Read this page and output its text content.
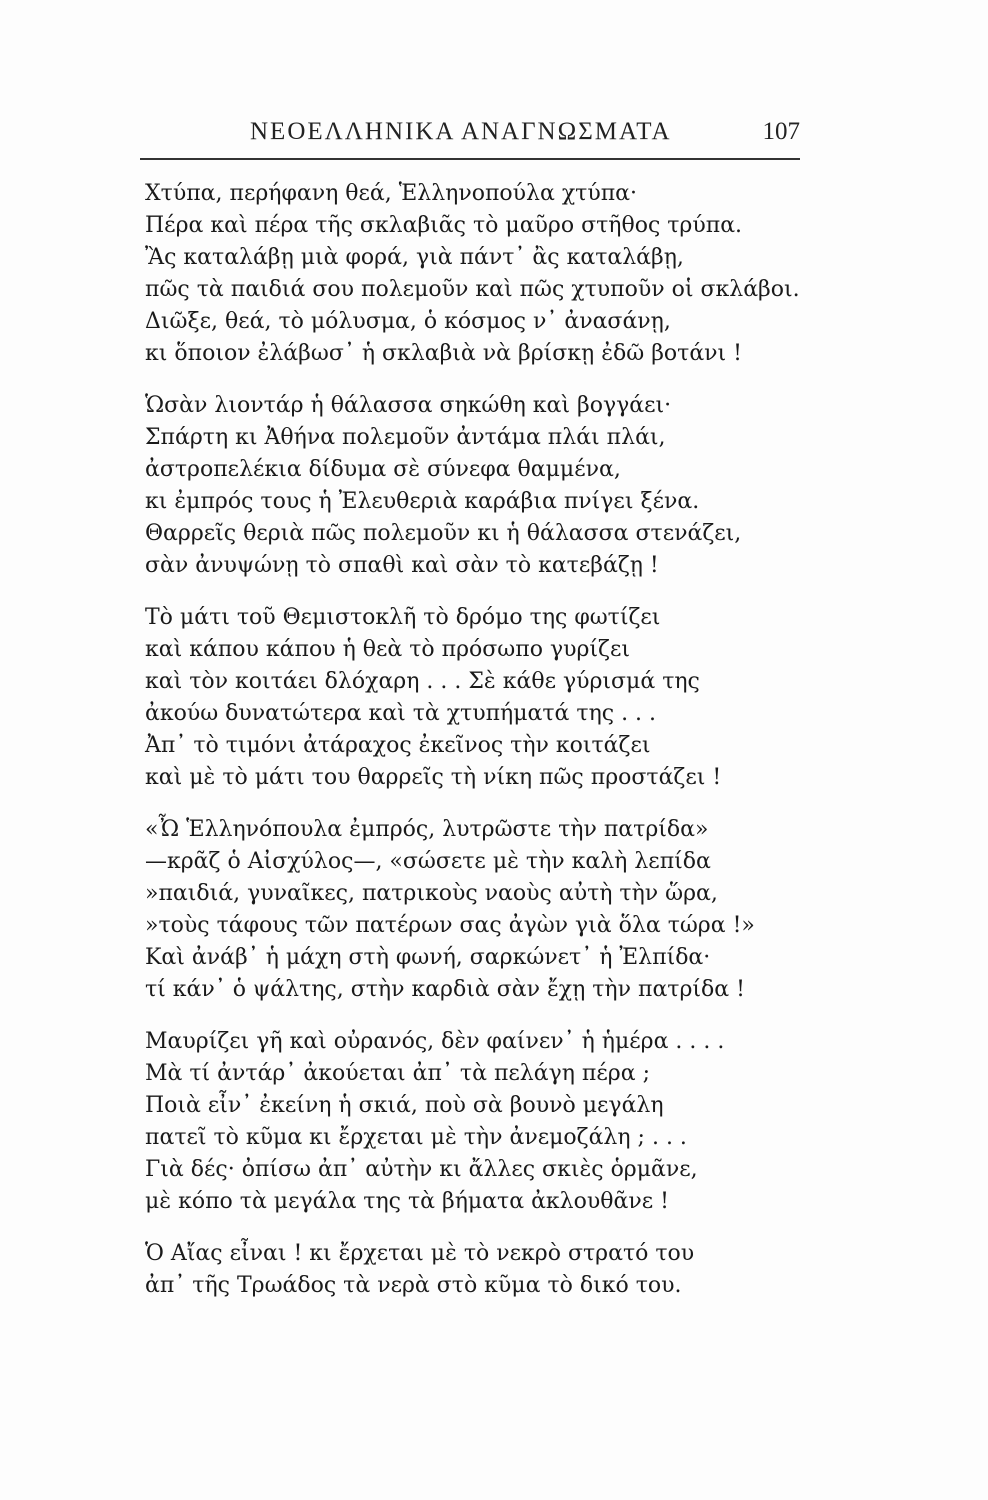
ΝΕΟΕΛΛΗΝΙΚΑ ΑΝΑΓΝΩΣΜΑΤΑ	107
Χτύπα, περήφανη θεά, Ἑλληνοπούλα χτύπα·
Πέρα καὶ πέρα τῆς σκλαβιᾶς τὸ μαῦρο στῆθος τρύπα.
Ἂς καταλάβῃ μιὰ φορά, γιὰ πάντ᾿ ἂς καταλάβῃ,
πῶς τὰ παιδιά σου πολεμοῦν καὶ πῶς χτυποῦν οἱ σκλάβοι.
Διῶξε, θεά, τὸ μόλυσμα, ὁ κόσμος ν᾿ ἀνασάνῃ,
κι ὅποιον ἐλάβωσ᾿ ἡ σκλαβιὰ νὰ βρίσκῃ ἐδῶ βοτάνι !
Ὡσὰν λιοντάρ ἡ θάλασσα σηκώθη καὶ βογγάει·
Σπάρτη κι Ἀθήνα πολεμοῦν ἀντάμα πλάι πλάι,
ἀστροπελέκια δίδυμα σὲ σύνεφα θαμμένα,
κι ἐμπρός τους ἡ Ἐλευθεριὰ καράβια πνίγει ξένα.
Θαρρεῖς θεριὰ πῶς πολεμοῦν κι ἡ θάλασσα στενάζει,
σὰν ἀνυψώνῃ τὸ σπαθὶ καὶ σὰν τὸ κατεβάζῃ !
Τὸ μάτι τοῦ Θεμιστοκλῆ τὸ δρόμο της φωτίζει
καὶ κάπου κάπου ἡ θεὰ τὸ πρόσωπο γυρίζει
καὶ τὸν κοιτάει δλόχαρη . . . Σὲ κάθε γύρισμά της
ἀκούω δυνατώτερα καὶ τὰ χτυπήματά της . . .
Ἀπ᾿ τὸ τιμόνι ἀτάραχος ἐκεῖνος τὴν κοιτάζει
καὶ μὲ τὸ μάτι του θαρρεῖς τὴ νίκη πῶς προστάζει !
«Ὦ Ἑλληνόπουλα ἐμπρός, λυτρῶστε τὴν πατρίδα»
—κρᾶζ ὁ Αἰσχύλος—, «σώσετε μὲ τὴν καλὴ λεπίδα
»παιδιά, γυναῖκες, πατρικοὺς ναοὺς αὐτὴ τὴν ὥρα,
»τοὺς τάφους τῶν πατέρων σας ἀγὼν γιὰ ὅλα τώρα !»
Καὶ ἀνάβ᾿ ἡ μάχη στὴ φωνή, σαρκώνετ᾿ ἡ Ἐλπίδα·
τί κάν᾿ ὁ ψάλτης, στὴν καρδιὰ σὰν ἔχῃ τὴν πατρίδα !
Μαυρίζει γῆ καὶ οὐρανός, δὲν φαίνεν᾿ ἡ ἡμέρα . . . .
Μὰ τί ἀντάρ᾿ ἀκούεται ἀπ᾿ τὰ πελάγη πέρα ;
Ποιὰ εἶν᾿ ἐκείνη ἡ σκιά, ποὺ σὰ βουνὸ μεγάλη
πατεῖ τὸ κῦμα κι ἔρχεται μὲ τὴν ἀνεμοζάλη ; . . .
Γιὰ δές· ὀπίσω ἀπ᾿ αὐτὴν κι ἄλλες σκιὲς ὁρμᾶνε,
μὲ κόπο τὰ μεγάλα της τὰ βήματα ἀκλουθᾶνε !
Ὁ Αἴας εἶναι ! κι ἔρχεται μὲ τὸ νεκρὸ στρατό του
ἀπ᾿ τῆς Τρωάδος τὰ νερὰ στὸ κῦμα τὸ δικό του.
